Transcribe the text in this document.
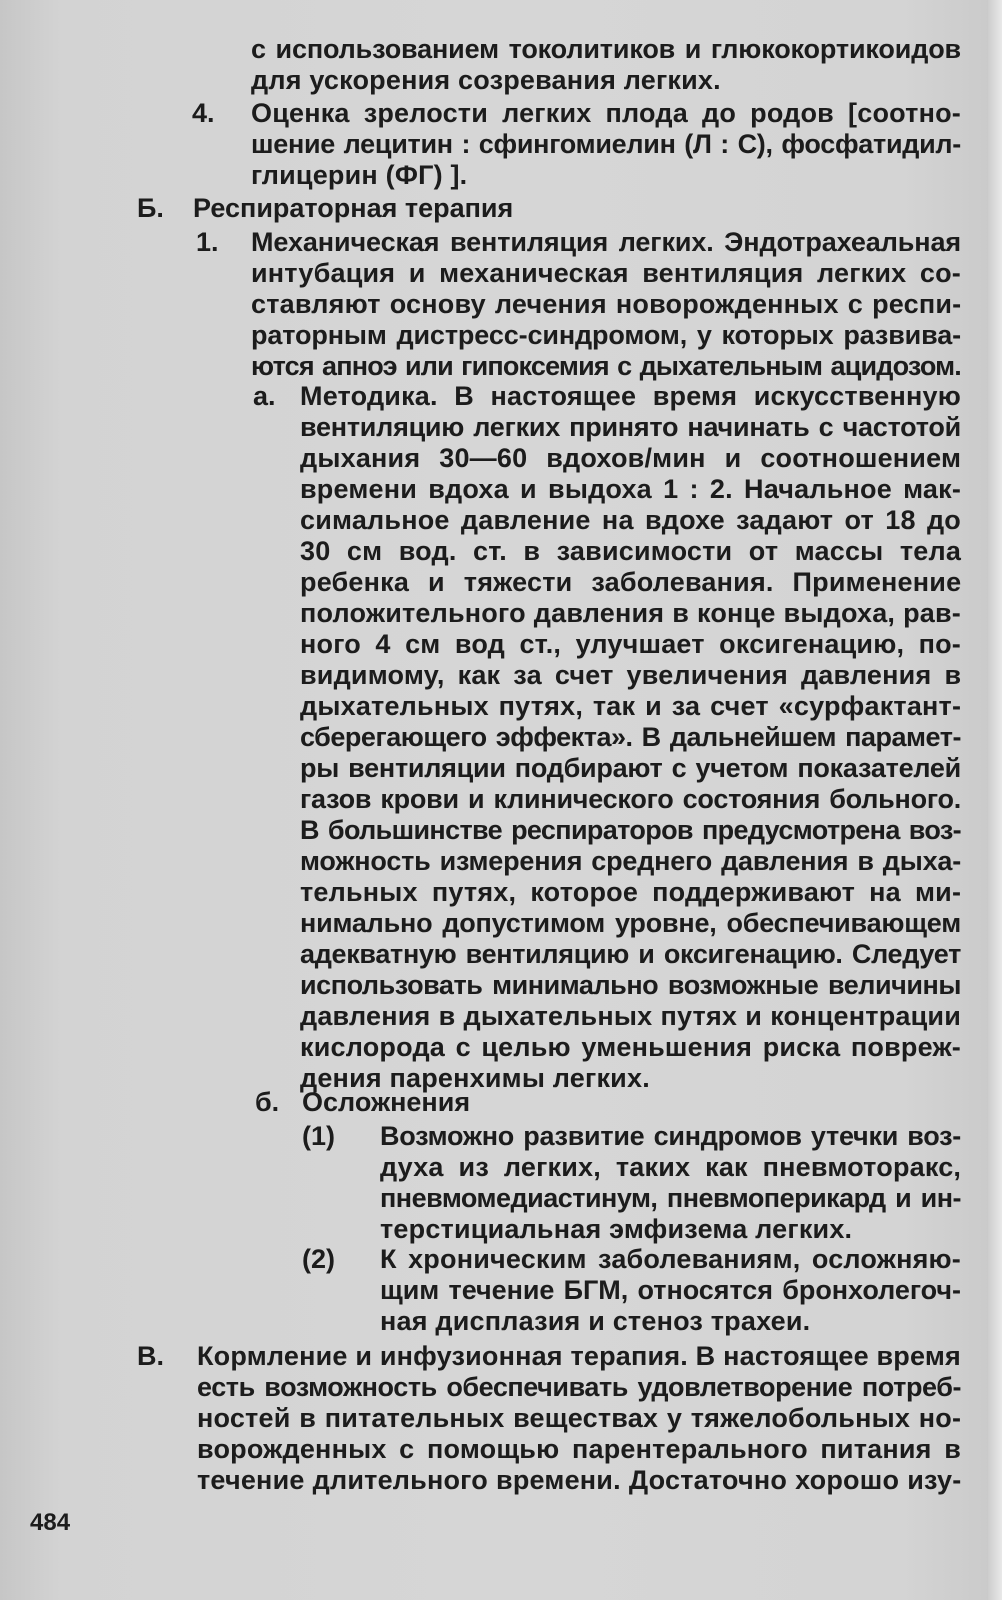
с использованием токолитиков и глюкокортикоидов
для ускорения созревания легких.
4. Оценка зрелости легких плода до родов [соотно-
шение лецитин : сфингомиелин (Л : С), фосфатидил-
глицерин (ФГ) ].
Б. Респираторная терапия
1. Механическая вентиляция легких. Эндотрахеальная
интубация и механическая вентиляция легких со-
ставляют основу лечения новорожденных с респи-
раторным дистресс-синдромом, у которых развива-
ются апноэ или гипоксемия с дыхательным ацидозом.
а. Методика. В настоящее время искусственную
вентиляцию легких принято начинать с частотой
дыхания 30—60 вдохов/мин и соотношением
времени вдоха и выдоха 1 : 2. Начальное мак-
симальное давление на вдохе задают от 18 до
30 см вод. ст. в зависимости от массы тела
ребенка и тяжести заболевания. Применение
положительного давления в конце выдоха, рав-
ного 4 см вод ст., улучшает оксигенацию, по-
видимому, как за счет увеличения давления в
дыхательных путях, так и за счет «сурфактант-
сберегающего эффекта». В дальнейшем парамет-
ры вентиляции подбирают с учетом показателей
газов крови и клинического состояния больного.
В большинстве респираторов предусмотрена воз-
можность измерения среднего давления в дыха-
тельных путях, которое поддерживают на ми-
нимально допустимом уровне, обеспечивающем
адекватную вентиляцию и оксигенацию. Следует
использовать минимально возможные величины
давления в дыхательных путях и концентрации
кислорода с целью уменьшения риска повреж-
дения паренхимы легких.
б. Осложнения
(1) Возможно развитие синдромов утечки воз-
духа из легких, таких как пневмоторакс,
пневмомедиастинум, пневмоперикард и ин-
терстициальная эмфизема легких.
(2) К хроническим заболеваниям, осложняю-
щим течение БГМ, относятся бронхолегоч-
ная дисплазия и стеноз трахеи.
В. Кормление и инфузионная терапия. В настоящее время
есть возможность обеспечивать удовлетворение потреб-
ностей в питательных веществах у тяжелобольных но-
ворожденных с помощью парентерального питания в
течение длительного времени. Достаточно хорошо изу-
484
